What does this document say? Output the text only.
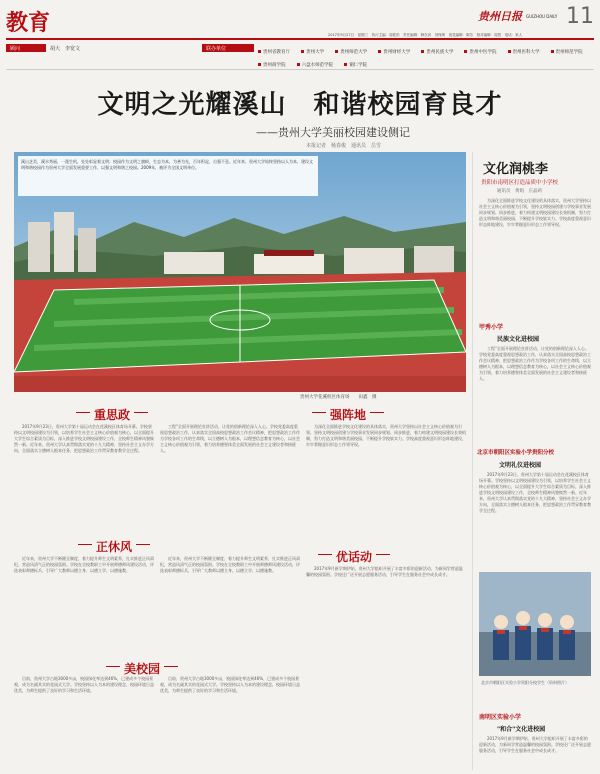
教育	贵州日报 GUIZHOU DAILY 11
2017年9月27日　星期三　执行主编：周乾松　责任编辑：韩在河　刘保琦　视觉编辑：陈芳　校对编辑：周智　电话：家人
顾问	胡大　李宽文	联办单位
贵州省教育厅	贵州大学	贵州师范大学	贵州财经大学	贵州民族大学	贵州中医学院	贵州医科大学	贵州师范学院 贵州商学院	六盘水师范学院	铜仁学院
文明之光耀溪山　和谐校园育良才
——贵州大学美丽校园建设侧记
本报记者　杨春俊　通讯员　岳雪
溪山芝美，溪水秀丽，一派生机，处处彰显着文明；校园作为文明之旗帜，生态为本，为善为先，百年积淀，自强不息。近年来，贵州大学始终坚持以人为本，建设文明和谐校园作为贵州大学全面发展重要工作，以强文明和谐之校园。2009年，被评为全国文明单位。
贵州大学花溪校区体育场　　田鑫　摄
重思政	强阵地

2017年9月23日，贵州大学第十届运动会在花溪校区体育场开幕。学校坚持以文明校园建设为引领，以培养学生社会主义核心价值观为核心，以全面提升大学生综合素质为目标，深入推进学校文明校园建设工作，全校师生精神风貌焕然一新。近年来，贵州大学认真贯彻落实党的十九大精神，坚持社会主义办学方向，全面落实立德树人根本任务，把思想政治工作贯穿教育教学全过程。

工程"全面开展理论宣讲活动，让党的创新理论深入人心。学校党委高度重视思想政治工作，认真落实全国高校思想政治工作会议精神，把思想政治工作作为学校各项工作的生命线，以立德树人为根本，以理想信念教育为核心，以社会主义核心价值观为引领，着力培养德智体美全面发展的社会主义建设者和接班人。

为深化全面推进学校文化建设的具体落实，贵州大学坚持以社会主义核心价值观为引领，坚持文明校园创建与学校事业发展同步规划、同步推进，着力构建文明校园建设长效机制，努力打造文明和谐美丽校园，不断提升学校软实力。学校高度重视意识形态阵地建设，牢牢掌握意识形态工作领导权。

正休风
优话动

近年来，贵州大学不断健全制度，着力提升师生文明素养，扎实推进正风肃纪，营造风清气正的校园氛围。学校在全校教职工中开展师德师风建设活动，评选表彰师德标兵，引导广大教师以德立身、以德立学、以德施教。

近年来，贵州大学不断健全制度，着力提升师生文明素养，扎实推进正风肃纪，营造风清气正的校园氛围。学校在全校教职工中开展师德师风建设活动，评选表彰师德标兵，引导广大教师以德立身、以德立学、以德施教。	2017年9月新学期伊始，贵州大学组织开展了丰富多彩的迎新活动，为新同学营造温馨的校园氛围。学校还广泛开展志愿服务活动，引导学生在服务社会中成长成才。

美校园

目前，贵州大学占地3000多亩，校园绿化率达到46%，已建成多个校园景观，成为名副其实的花园式大学。学校坚持以人为本的建设理念，校园环境日益优美，为师生提供了良好的学习和生活环境。

目前，贵州大学占地3000多亩，校园绿化率达到46%，已建成多个校园景观，成为名副其实的花园式大学。学校坚持以人为本的建设理念，校园环境日益优美，为师生提供了良好的学习和生活环境。

文化润桃李
贵阳市南明区打造品质中小学校
通讯员　黄娟　庄晶莉

为深化全面推进学校文化建设的具体落实，贵州大学坚持以社会主义核心价值观为引领，坚持文明校园创建与学校事业发展同步规划、同步推进，着力构建文明校园建设长效机制，努力打造文明和谐美丽校园，不断提升学校软实力。学校高度重视意识形态阵地建设，牢牢掌握意识形态工作领导权。

甲秀小学
民族文化进校园

工程"全面开展理论宣讲活动，让党的创新理论深入人心。学校党委高度重视思想政治工作，认真落实全国高校思想政治工作会议精神，把思想政治工作作为学校各项工作的生命线，以立德树人为根本，以理想信念教育为核心，以社会主义核心价值观为引领，着力培养德智体美全面发展的社会主义建设者和接班人。

北京市朝阳区实验小学贵阳分校
文明礼仪进校园

2017年9月23日，贵州大学第十届运动会在花溪校区体育场开幕。学校坚持以文明校园建设为引领，以培养学生社会主义核心价值观为核心，以全面提升大学生综合素质为目标，深入推进学校文明校园建设工作，全校师生精神风貌焕然一新。近年来，贵州大学认真贯彻落实党的十九大精神，坚持社会主义办学方向，全面落实立德树人根本任务，把思想政治工作贯穿教育教学全过程。

北京市朝阳区实验小学贵阳分校学生（资料图片）
南明区实验小学
"和合"文化进校园

2017年9月新学期伊始，贵州大学组织开展了丰富多彩的迎新活动，为新同学营造温馨的校园氛围。学校还广泛开展志愿服务活动，引导学生在服务社会中成长成才。
